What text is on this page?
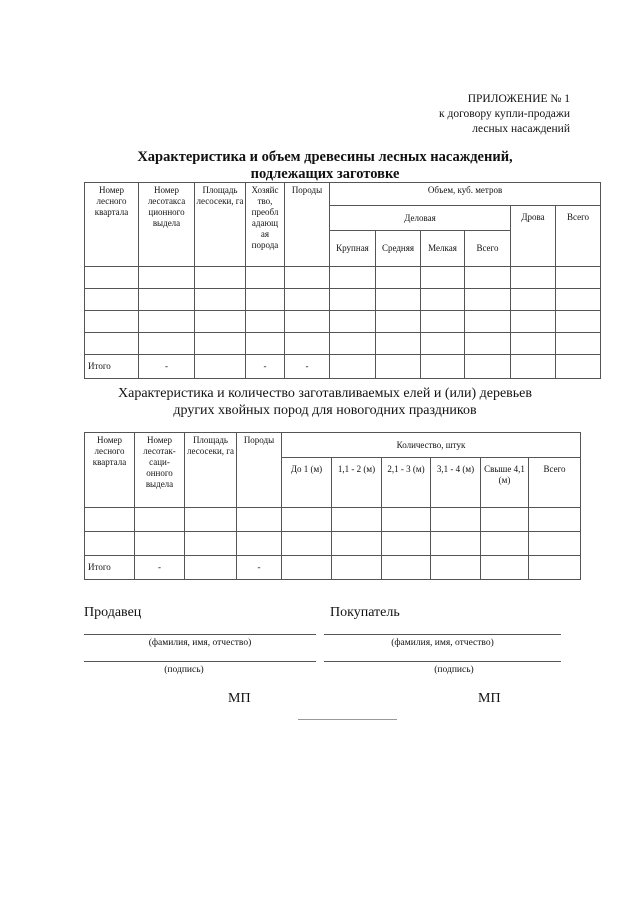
ПРИЛОЖЕНИЕ № 1
к договору купли-продажи
лесных насаждений
Характеристика и объем древесины лесных насаждений,
подлежащих заготовке
Номер лесного квартала	Номер лесотакса ционного выдела	Площадь лесосеки, га	Хозяйс тво, преобл адающ ая порода	Породы	Объем, куб. метров					
					Деловая				Дрова	Всего
					Крупная	Средняя	Мелкая	Всего		

Итого	-		-	-						
Характеристика и количество заготавливаемых елей и (или) деревьев
других хвойных пород для новогодних праздников
Номер лесного квартала	Номер лесотак- саци- онного выдела	Площадь лесосеки, га	Породы	Количество, штук					
				До 1 (м)	1,1 - 2 (м)	2,1 - 3 (м)	3,1 - 4 (м)	Свыше 4,1 (м)	Всего

Итого	-		-						
Продавец	Покупатель
(фамилия, имя, отчество)	(фамилия, имя, отчество)
(подпись)	(подпись)
МП	МП
